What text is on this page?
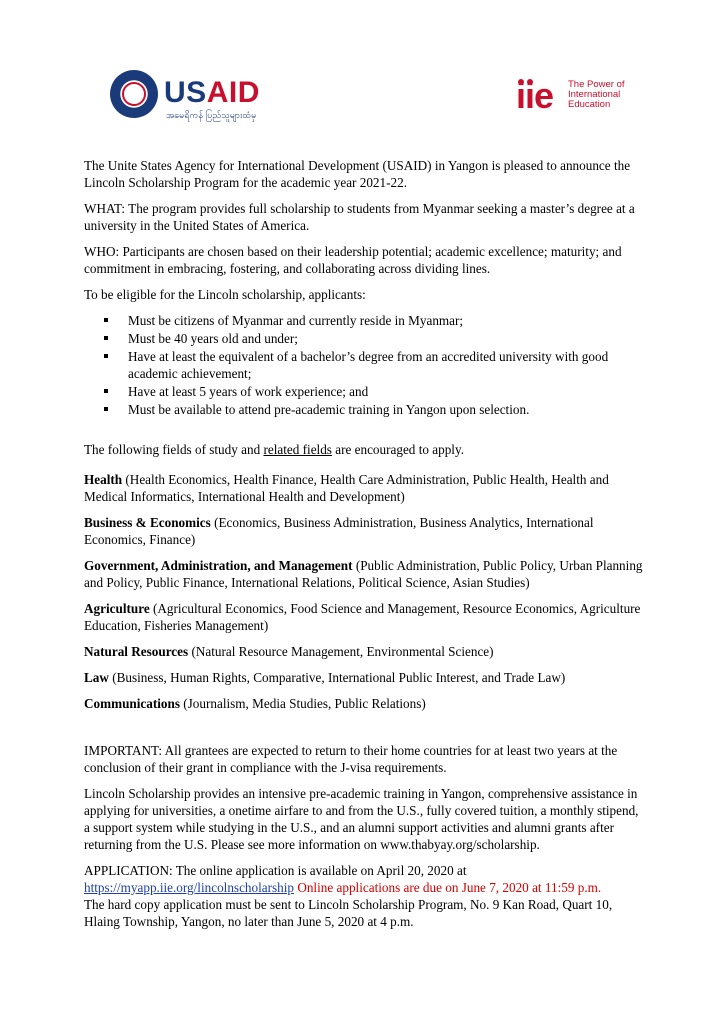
USAID
အမေရိကန် ပြည်သူများထံမှ	iie The Power of International Education

The Unite States Agency for International Development (USAID) in Yangon is pleased to announce the Lincoln Scholarship Program for the academic year 2021-22.

WHAT: The program provides full scholarship to students from Myanmar seeking a master’s degree at a university in the United States of America.

WHO: Participants are chosen based on their leadership potential; academic excellence; maturity; and commitment in embracing, fostering, and collaborating across dividing lines.

To be eligible for the Lincoln scholarship, applicants:

Must be citizens of Myanmar and currently reside in Myanmar;
Must be 40 years old and under;
Have at least the equivalent of a bachelor’s degree from an accredited university with good academic achievement;
Have at least 5 years of work experience; and
Must be available to attend pre-academic training in Yangon upon selection.

The following fields of study and related fields are encouraged to apply.

Health (Health Economics, Health Finance, Health Care Administration, Public Health, Health and Medical Informatics, International Health and Development)

Business & Economics (Economics, Business Administration, Business Analytics, International Economics, Finance)

Government, Administration, and Management (Public Administration, Public Policy, Urban Planning and Policy, Public Finance, International Relations, Political Science, Asian Studies)

Agriculture (Agricultural Economics, Food Science and Management, Resource Economics, Agriculture Education, Fisheries Management)

Natural Resources (Natural Resource Management, Environmental Science)

Law (Business, Human Rights, Comparative, International Public Interest, and Trade Law)

Communications (Journalism, Media Studies, Public Relations)

IMPORTANT: All grantees are expected to return to their home countries for at least two years at the conclusion of their grant in compliance with the J-visa requirements.

Lincoln Scholarship provides an intensive pre-academic training in Yangon, comprehensive assistance in applying for universities, a onetime airfare to and from the U.S., fully covered tuition, a monthly stipend, a support system while studying in the U.S., and an alumni support activities and alumni grants after returning from the U.S. Please see more information on www.thabyay.org/scholarship.

APPLICATION: The online application is available on April 20, 2020 at
https://myapp.iie.org/lincolnscholarship Online applications are due on June 7, 2020 at 11:59 p.m.
The hard copy application must be sent to Lincoln Scholarship Program, No. 9 Kan Road, Quart 10, Hlaing Township, Yangon, no later than June 5, 2020 at 4 p.m.
